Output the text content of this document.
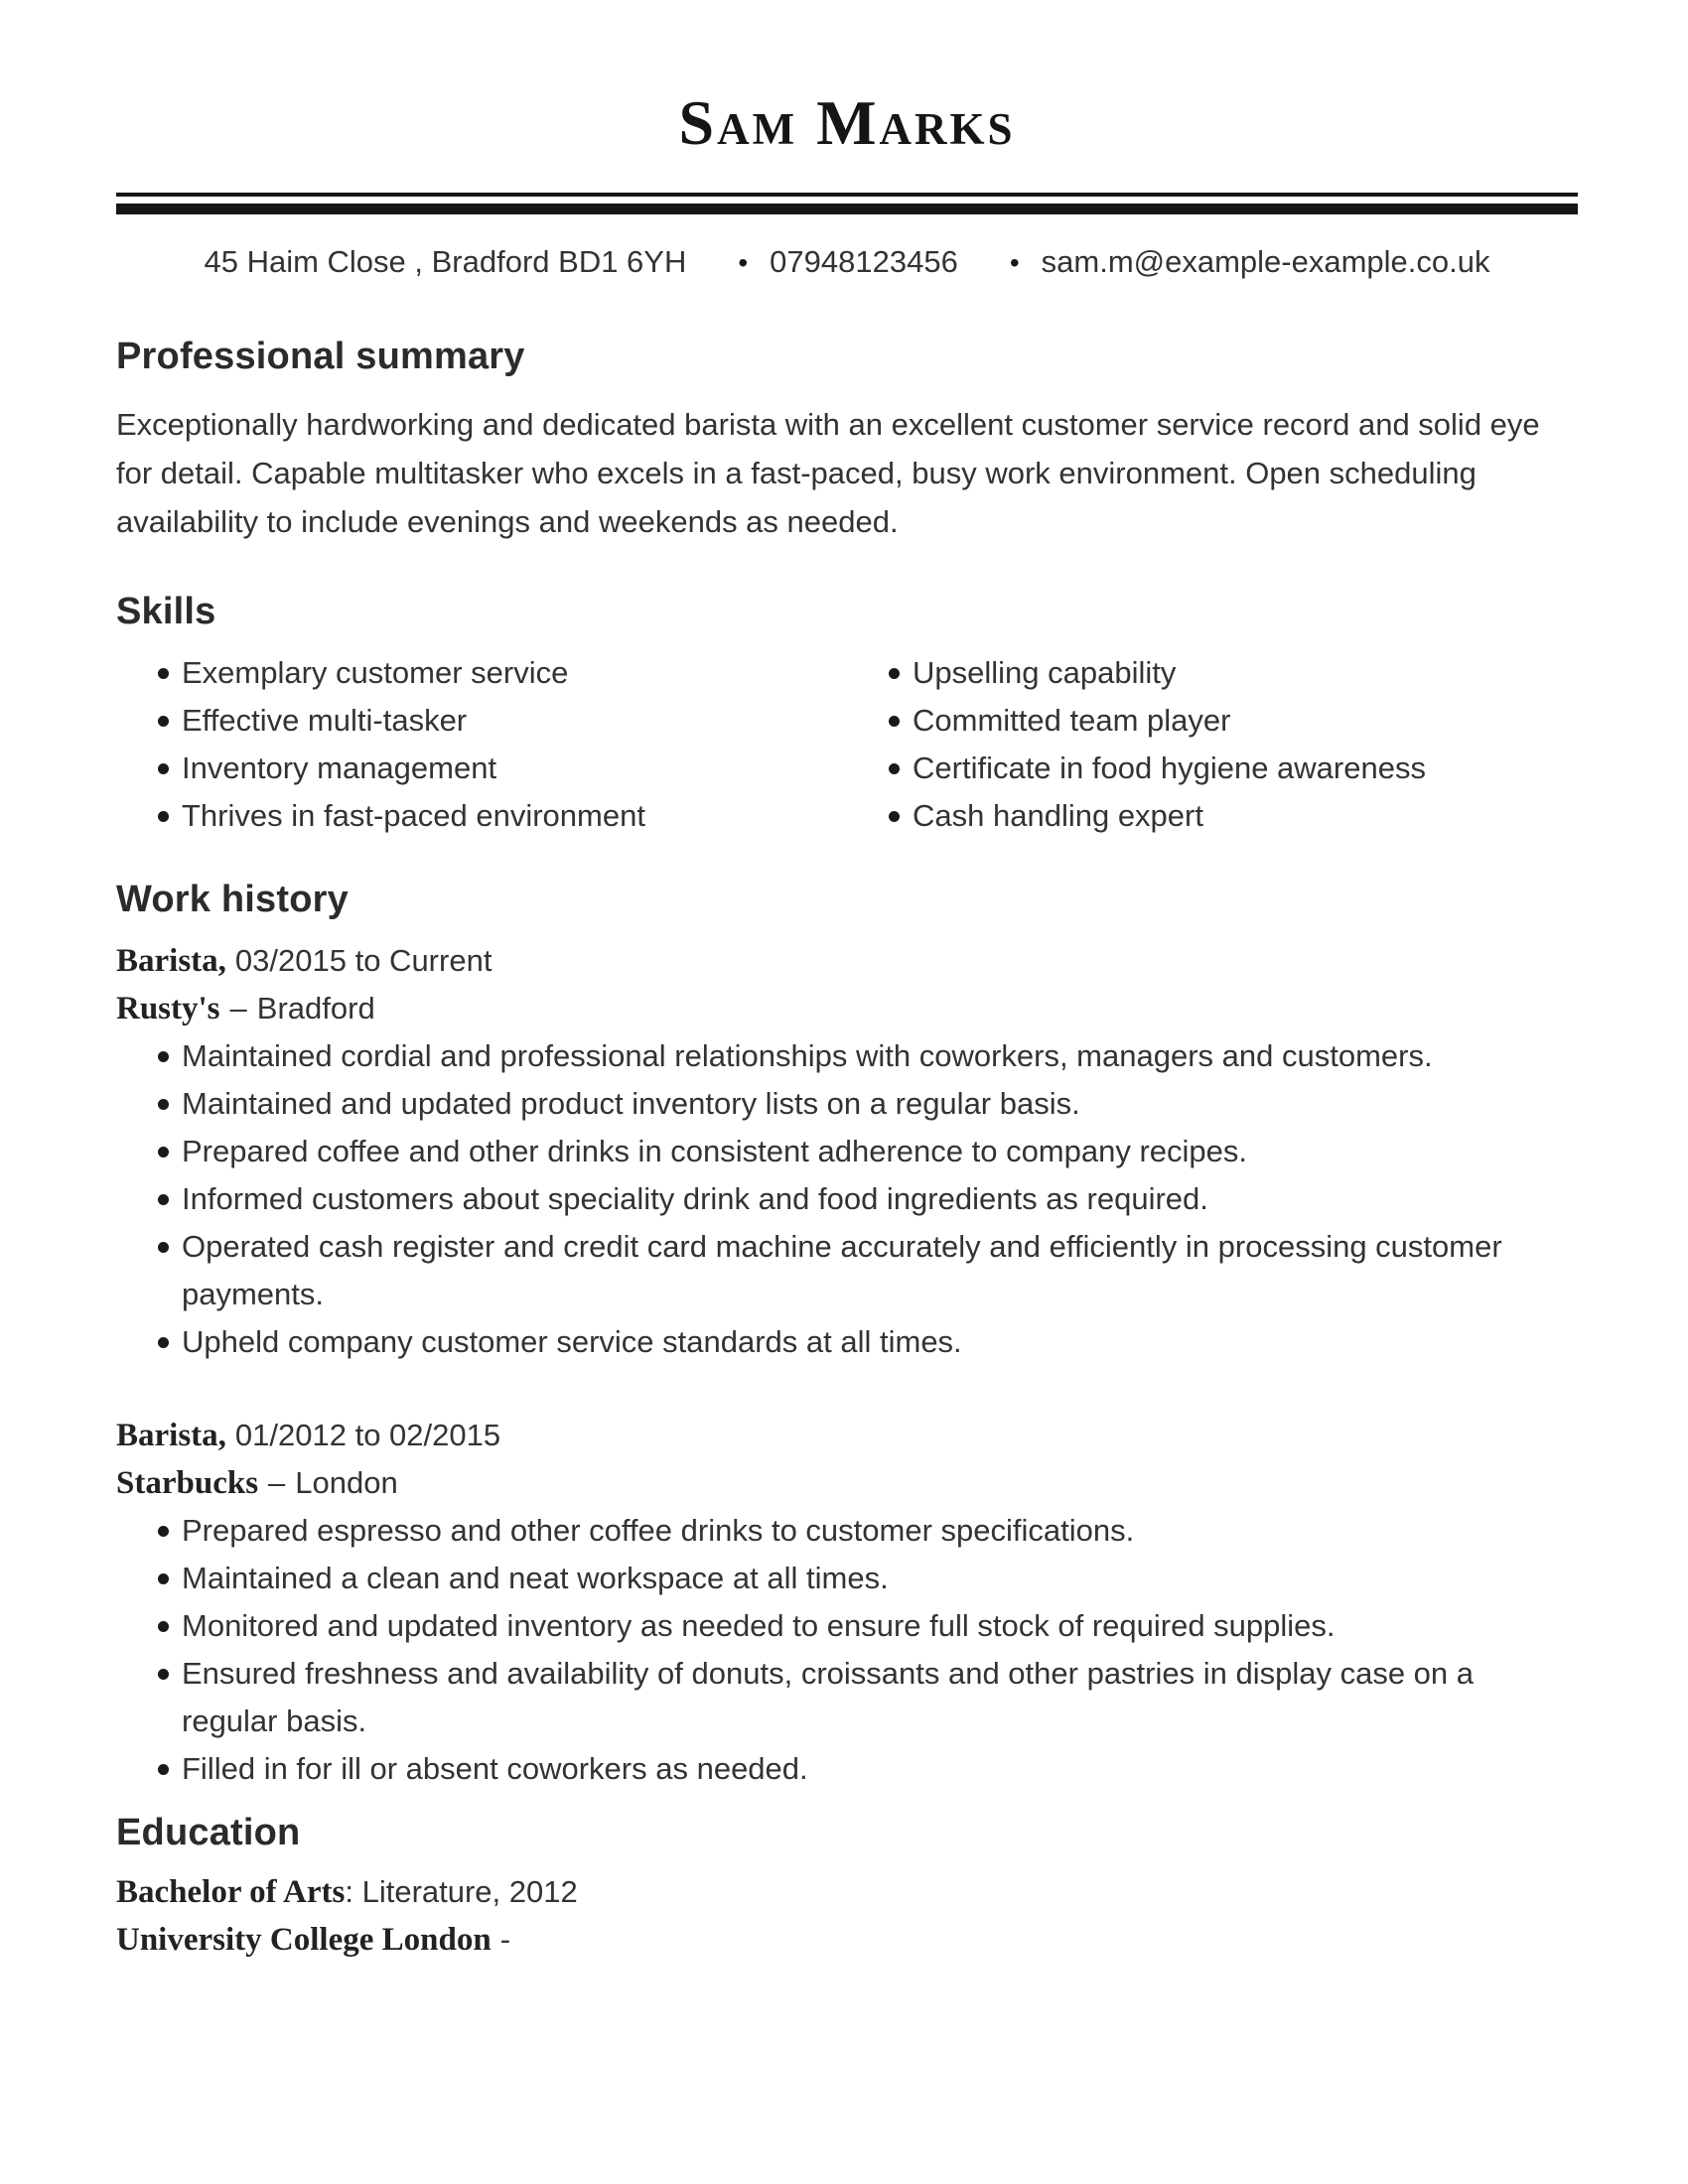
Sam Marks
45 Haim Close , Bradford BD1 6YH • 07948123456 • sam.m@example-example.co.uk
Professional summary

Exceptionally hardworking and dedicated barista with an excellent customer service record and solid eye for detail. Capable multitasker who excels in a fast-paced, busy work environment. Open scheduling availability to include evenings and weekends as needed.

Skills
Exemplary customer service
Effective multi-tasker
Inventory management
Thrives in fast-paced environment
Upselling capability
Committed team player
Certificate in food hygiene awareness
Cash handling expert
Work history
Barista, 03/2015 to Current
Rusty's – Bradford
Maintained cordial and professional relationships with coworkers, managers and customers.
Maintained and updated product inventory lists on a regular basis.
Prepared coffee and other drinks in consistent adherence to company recipes.
Informed customers about speciality drink and food ingredients as required.
Operated cash register and credit card machine accurately and efficiently in processing customer payments.
Upheld company customer service standards at all times.
Barista, 01/2012 to 02/2015
Starbucks – London
Prepared espresso and other coffee drinks to customer specifications.
Maintained a clean and neat workspace at all times.
Monitored and updated inventory as needed to ensure full stock of required supplies.
Ensured freshness and availability of donuts, croissants and other pastries in display case on a regular basis.
Filled in for ill or absent coworkers as needed.
Education
Bachelor of Arts: Literature, 2012
University College London -
